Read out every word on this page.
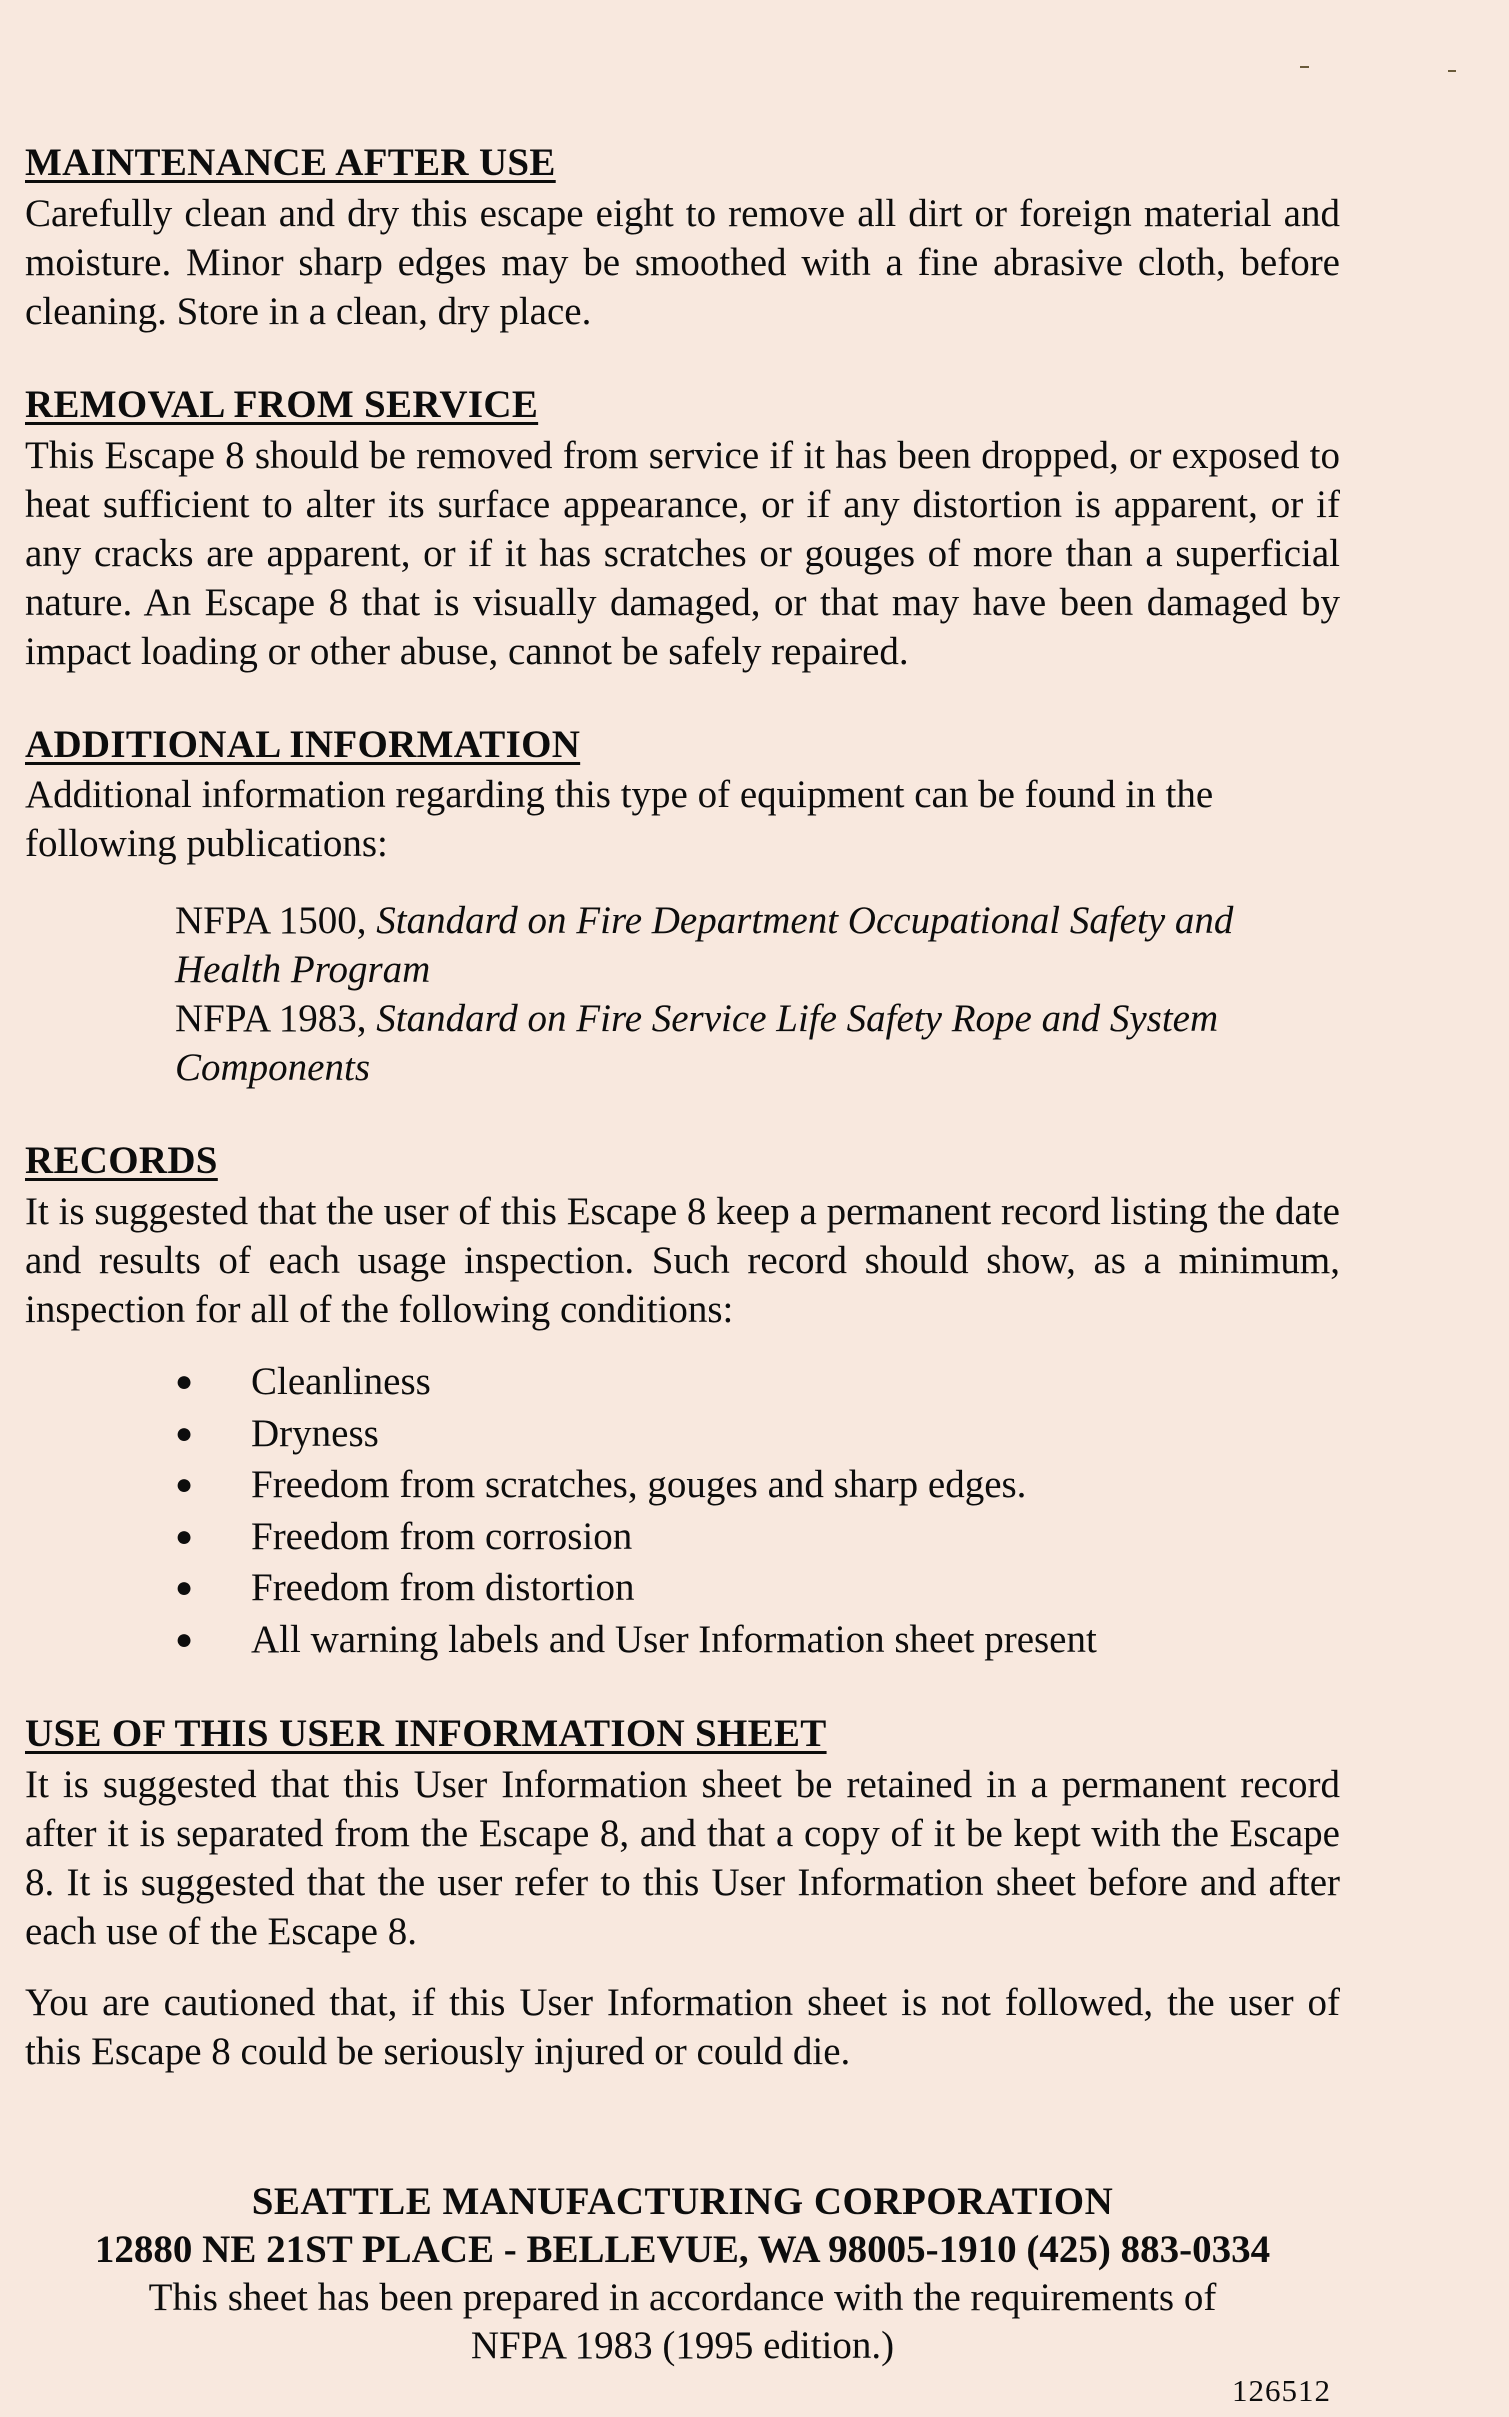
MAINTENANCE AFTER USE

Carefully clean and dry this escape eight to remove all dirt or foreign material and moisture. Minor sharp edges may be smoothed with a fine abrasive cloth, before cleaning. Store in a clean, dry place.

REMOVAL FROM SERVICE

This Escape 8 should be removed from service if it has been dropped, or exposed to heat sufficient to alter its surface appearance, or if any distortion is apparent, or if any cracks are apparent, or if it has scratches or gouges of more than a superficial nature. An Escape 8 that is visually damaged, or that may have been damaged by impact loading or other abuse, cannot be safely repaired.

ADDITIONAL INFORMATION

Additional information regarding this type of equipment can be found in the following publications:

NFPA 1500, Standard on Fire Department Occupational Safety and Health Program
NFPA 1983, Standard on Fire Service Life Safety Rope and System Components
RECORDS

It is suggested that the user of this Escape 8 keep a permanent record listing the date and results of each usage inspection. Such record should show, as a minimum, inspection for all of the following conditions:

●	Cleanliness
●	Dryness
●	Freedom from scratches, gouges and sharp edges.
●	Freedom from corrosion
●	Freedom from distortion
●	All warning labels and User Information sheet present
USE OF THIS USER INFORMATION SHEET

It is suggested that this User Information sheet be retained in a permanent record after it is separated from the Escape 8, and that a copy of it be kept with the Escape 8. It is suggested that the user refer to this User Information sheet before and after each use of the Escape 8.

You are cautioned that, if this User Information sheet is not followed, the user of this Escape 8 could be seriously injured or could die.

SEATTLE MANUFACTURING CORPORATION
12880 NE 21ST PLACE - BELLEVUE, WA 98005-1910 (425) 883-0334
This sheet has been prepared in accordance with the requirements of
NFPA 1983 (1995 edition.)
126512
